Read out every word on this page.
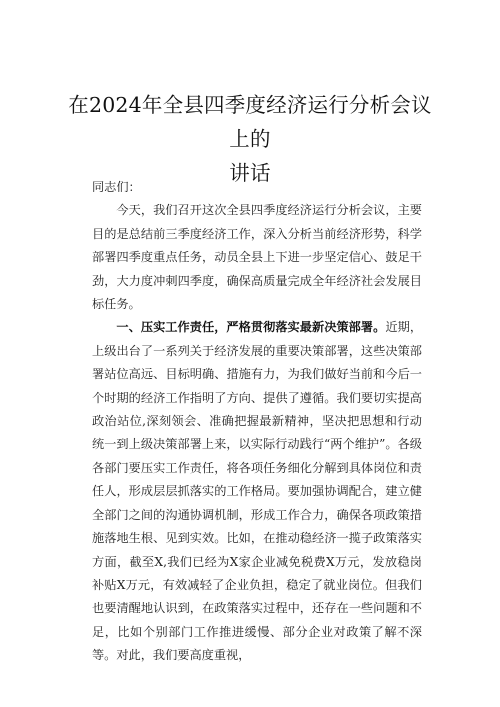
在2024年全县四季度经济运行分析会议上的
讲话

同志们：

今天，我们召开这次全县四季度经济运行分析会议，主要目的是总结前三季度经济工作，深入分析当前经济形势，科学部署四季度重点任务，动员全县上下进一步坚定信心、鼓足干劲，大力度冲刺四季度，确保高质量完成全年经济社会发展目标任务。

一、压实工作责任，严格贯彻落实最新决策部署。近期，上级出台了一系列关于经济发展的重要决策部署，这些决策部署站位高远、目标明确、措施有力，为我们做好当前和今后一个时期的经济工作指明了方向、提供了遵循。我们要切实提高政治站位,深刻领会、准确把握最新精神，坚决把思想和行动统一到上级决策部署上来，以实际行动践行“两个维护”。各级各部门要压实工作责任，将各项任务细化分解到具体岗位和责任人，形成层层抓落实的工作格局。要加强协调配合，建立健全部门之间的沟通协调机制，形成工作合力，确保各项政策措施落地生根、见到实效。比如，在推动稳经济一揽子政策落实方面，截至X,我们已经为X家企业减免税费X万元，发放稳岗补贴X万元，有效减轻了企业负担，稳定了就业岗位。但我们也要清醒地认识到，在政策落实过程中，还存在一些问题和不足，比如个别部门工作推进缓慢、部分企业对政策了解不深等。对此，我们要高度重视，
